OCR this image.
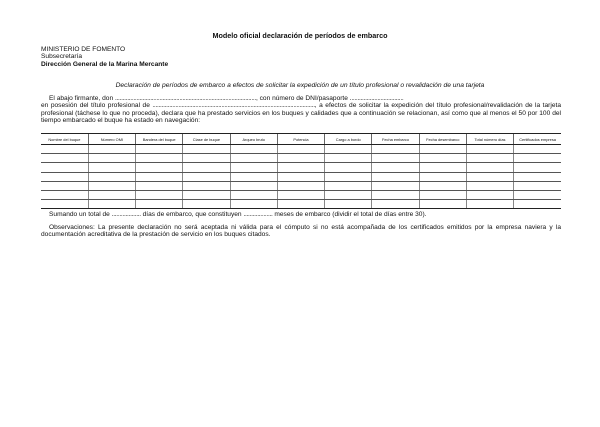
Modelo oficial declaración de períodos de embarco
MINISTERIO DE FOMENTO
Subsecretaría
Dirección General de la Marina Mercante
Declaración de períodos de embarco a efectos de solicitar la expedición de un título profesional o revalidación de una tarjeta
El abajo firmante, don ............................................................................................, con número de DNI/pasaporte ...................................
en posesión del título profesional de .........................................................................................................., a efectos de solicitar la expedición del título profesional/revalidación de la tarjeta profesional (táchese lo que no proceda), declara que ha prestado servicios en los buques y calidades que a continuación se relacionan, así como que al menos el 50 por 100 del tiempo embarcado el buque ha estado en navegación:
Nombre del buque	Número OMI	Bandera del buque	Clase de buque	Arqueo bruto	Potencia	Cargo a bordo	Fecha embarco	Fecha desembarco	Total número días	Certificados empresa

Sumando un total de ................... días de embarco, que constituyen ................... meses de embarco (dividir el total de días entre 30).
Observaciones: La presente declaración no será aceptada ni válida para el cómputo si no está acompañada de los certificados emitidos por la empresa naviera y la documentación acreditativa de la prestación de servicio en los buques citados.
